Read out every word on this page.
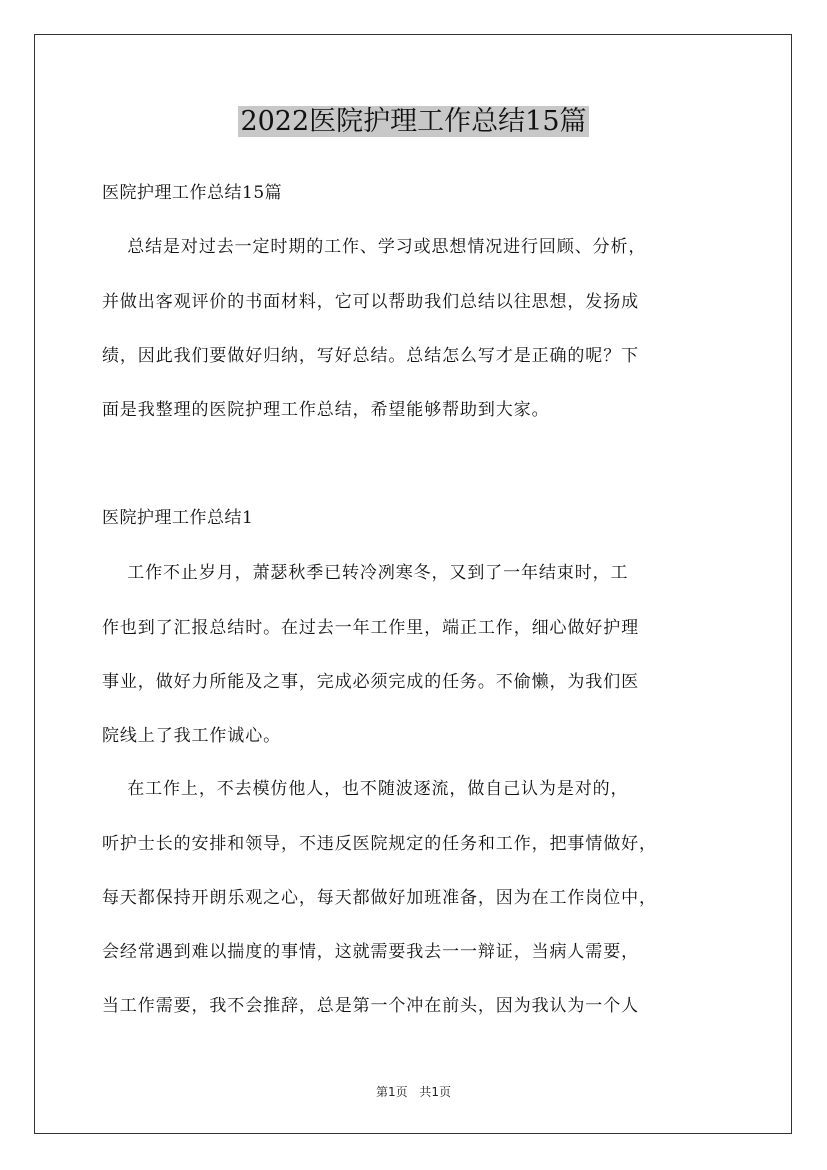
2022医院护理工作总结15篇
医院护理工作总结15篇
总结是对过去一定时期的工作、学习或思想情况进行回顾、分析，
并做出客观评价的书面材料，它可以帮助我们总结以往思想，发扬成
绩，因此我们要做好归纳，写好总结。总结怎么写才是正确的呢？下
面是我整理的医院护理工作总结，希望能够帮助到大家。
医院护理工作总结1
工作不止岁月，萧瑟秋季已转冷冽寒冬，又到了一年结束时，工
作也到了汇报总结时。在过去一年工作里，端正工作，细心做好护理
事业，做好力所能及之事，完成必须完成的任务。不偷懒，为我们医
院线上了我工作诚心。
在工作上，不去模仿他人，也不随波逐流，做自己认为是对的，
听护士长的安排和领导，不违反医院规定的任务和工作，把事情做好，
每天都保持开朗乐观之心，每天都做好加班准备，因为在工作岗位中，
会经常遇到难以揣度的事情，这就需要我去一一辩证，当病人需要，
当工作需要，我不会推辞，总是第一个冲在前头，因为我认为一个人
第1页 共1页
